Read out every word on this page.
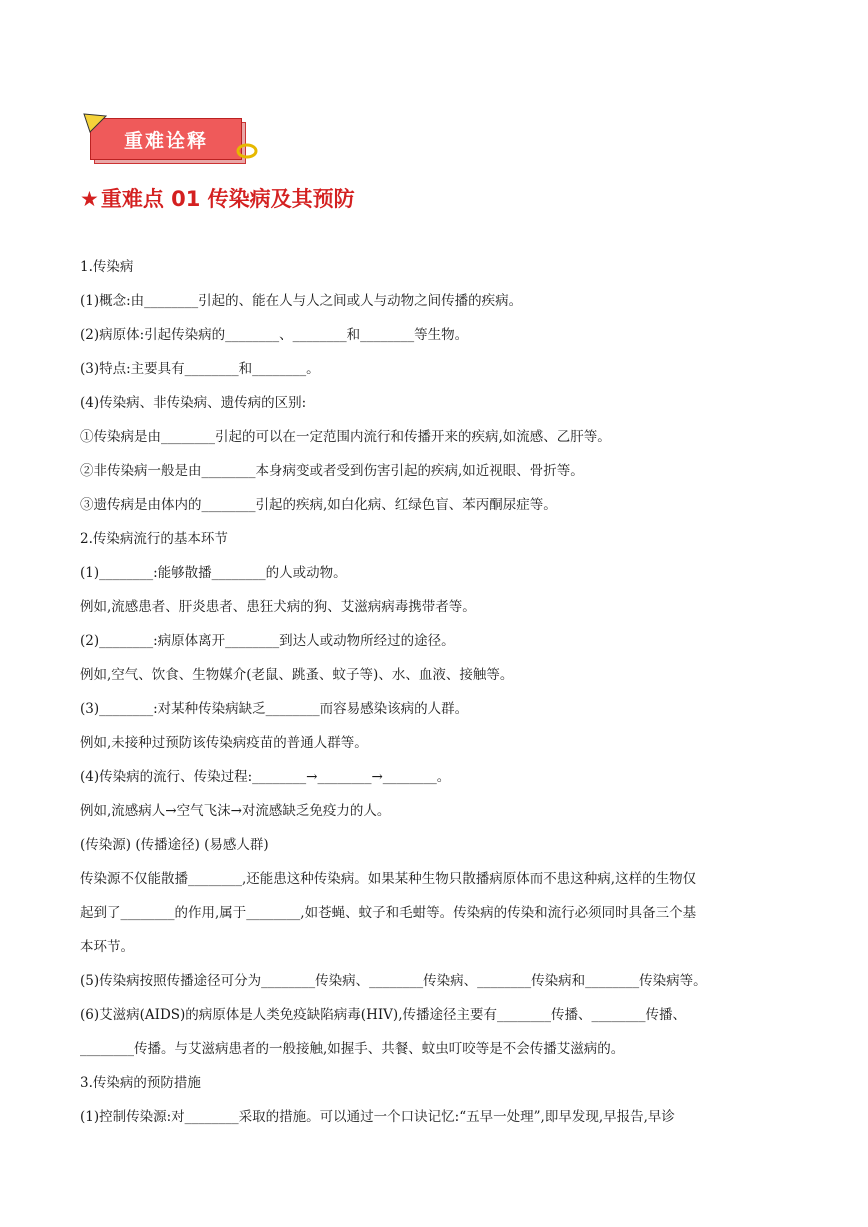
重难诠释
★重难点 01 传染病及其预防
1.传染病
(1)概念:由________引起的、能在人与人之间或人与动物之间传播的疾病。
(2)病原体:引起传染病的________、________和________等生物。
(3)特点:主要具有________和________。
(4)传染病、非传染病、遗传病的区别:
①传染病是由________引起的可以在一定范围内流行和传播开来的疾病,如流感、乙肝等。
②非传染病一般是由________本身病变或者受到伤害引起的疾病,如近视眼、骨折等。
③遗传病是由体内的________引起的疾病,如白化病、红绿色盲、苯丙酮尿症等。
2.传染病流行的基本环节
(1)________:能够散播________的人或动物。
例如,流感患者、肝炎患者、患狂犬病的狗、艾滋病病毒携带者等。
(2)________:病原体离开________到达人或动物所经过的途径。
例如,空气、饮食、生物媒介(老鼠、跳蚤、蚊子等)、水、血液、接触等。
(3)________:对某种传染病缺乏________而容易感染该病的人群。
例如,未接种过预防该传染病疫苗的普通人群等。
(4)传染病的流行、传染过程:________→________→________。
例如,流感病人→空气飞沫→对流感缺乏免疫力的人。
(传染源) (传播途径) (易感人群)
传染源不仅能散播________,还能患这种传染病。如果某种生物只散播病原体而不患这种病,这样的生物仅
起到了________的作用,属于________,如苍蝇、蚊子和毛蚶等。传染病的传染和流行必须同时具备三个基
本环节。
(5)传染病按照传播途径可分为________传染病、________传染病、________传染病和________传染病等。
(6)艾滋病(AIDS)的病原体是人类免疫缺陷病毒(HIV),传播途径主要有________传播、________传播、
________传播。与艾滋病患者的一般接触,如握手、共餐、蚊虫叮咬等是不会传播艾滋病的。
3.传染病的预防措施
(1)控制传染源:对________采取的措施。可以通过一个口诀记忆:“五早一处理”,即早发现,早报告,早诊
